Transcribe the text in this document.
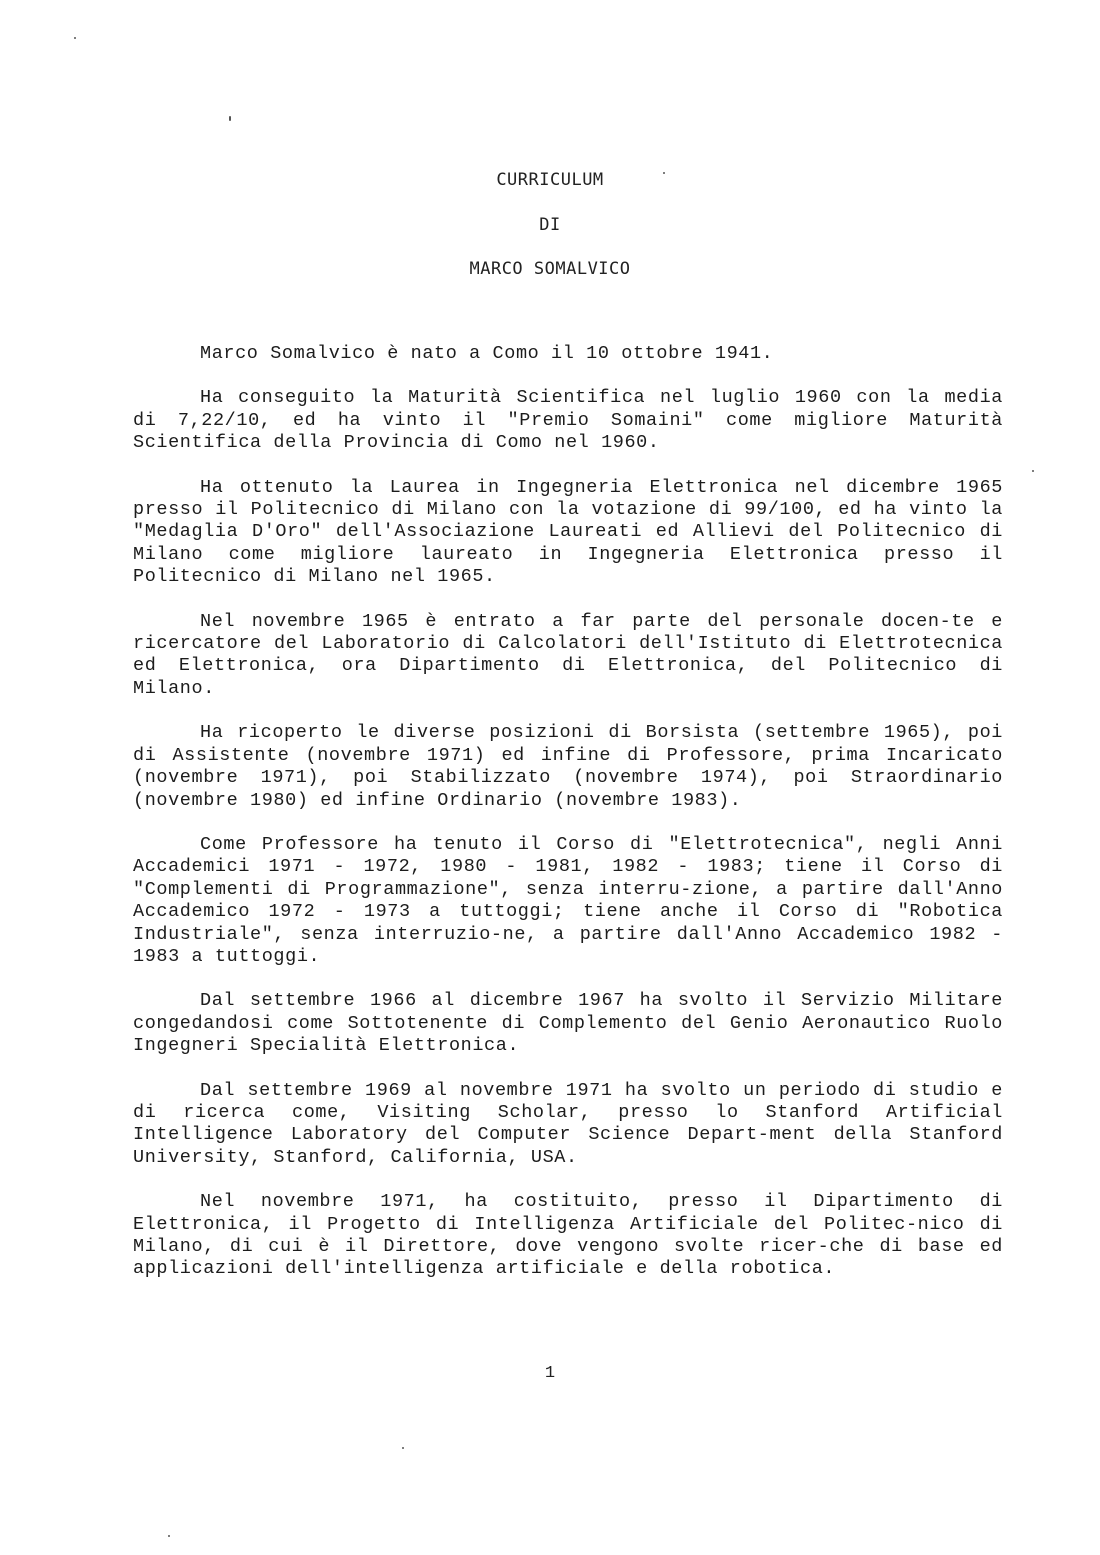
CURRICULUM
DI
MARCO SOMALVICO

Marco Somalvico è nato a Como il 10 ottobre 1941.

Ha conseguito la Maturità Scientifica nel luglio 1960 con la media di 7,22/10, ed ha vinto il "Premio Somaini" come migliore Maturità Scientifica della Provincia di Como nel 1960.

Ha ottenuto la Laurea in Ingegneria Elettronica nel dicembre 1965 presso il Politecnico di Milano con la votazione di 99/100, ed ha vinto la "Medaglia D'Oro" dell'Associazione Laureati ed Allievi del Politecnico di Milano come migliore laureato in Ingegneria Elettronica presso il Politecnico di Milano nel 1965.

Nel novembre 1965 è entrato a far parte del personale docen-te e ricercatore del Laboratorio di Calcolatori dell'Istituto di Elettrotecnica ed Elettronica, ora Dipartimento di Elettronica, del Politecnico di Milano.

Ha ricoperto le diverse posizioni di Borsista (settembre 1965), poi di Assistente (novembre 1971) ed infine di Professore, prima Incaricato (novembre 1971), poi Stabilizzato (novembre 1974), poi Straordinario (novembre 1980) ed infine Ordinario (novembre 1983).

Come Professore ha tenuto il Corso di "Elettrotecnica", negli Anni Accademici 1971 - 1972, 1980 - 1981, 1982 - 1983; tiene il Corso di "Complementi di Programmazione", senza interru-zione, a partire dall'Anno Accademico 1972 - 1973 a tuttoggi; tiene anche il Corso di "Robotica Industriale", senza interruzio-ne, a partire dall'Anno Accademico 1982 - 1983 a tuttoggi.

Dal settembre 1966 al dicembre 1967 ha svolto il Servizio Militare congedandosi come Sottotenente di Complemento del Genio Aeronautico Ruolo Ingegneri Specialità Elettronica.

Dal settembre 1969 al novembre 1971 ha svolto un periodo di studio e di ricerca come, Visiting Scholar, presso lo Stanford Artificial Intelligence Laboratory del Computer Science Depart-ment della Stanford University, Stanford, California, USA.

Nel novembre 1971, ha costituito, presso il Dipartimento di Elettronica, il Progetto di Intelligenza Artificiale del Politec-nico di Milano, di cui è il Direttore, dove vengono svolte ricer-che di base ed applicazioni dell'intelligenza artificiale e della robotica.

1
